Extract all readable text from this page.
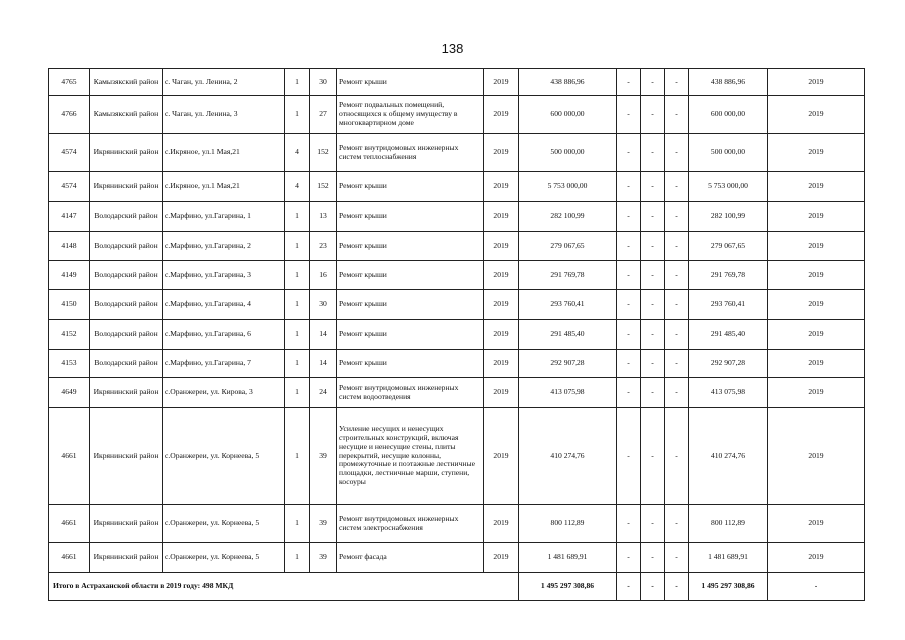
138
4765	Камызякский район	с. Чаган, ул. Ленина, 2	1	30	Ремонт крыши	2019	438 886,96	-	-	-	438 886,96	2019
4766	Камызякский район	с. Чаган, ул. Ленина, 3	1	27	Ремонт подвальных помещений, относящихся к общему имуществу в многоквартирном доме	2019	600 000,00	-	-	-	600 000,00	2019
4574	Икрянинский район	с.Икряное, ул.1 Мая,21	4	152	Ремонт внутридомовых инженерных систем теплоснабжения	2019	500 000,00	-	-	-	500 000,00	2019
4574	Икрянинский район	с.Икряное, ул.1 Мая,21	4	152	Ремонт крыши	2019	5 753 000,00	-	-	-	5 753 000,00	2019
4147	Володарский район	с.Марфино, ул.Гагарина, 1	1	13	Ремонт крыши	2019	282 100,99	-	-	-	282 100,99	2019
4148	Володарский район	с.Марфино, ул.Гагарина, 2	1	23	Ремонт крыши	2019	279 067,65	-	-	-	279 067,65	2019
4149	Володарский район	с.Марфино, ул.Гагарина, 3	1	16	Ремонт крыши	2019	291 769,78	-	-	-	291 769,78	2019
4150	Володарский район	с.Марфино, ул.Гагарина, 4	1	30	Ремонт крыши	2019	293 760,41	-	-	-	293 760,41	2019
4152	Володарский район	с.Марфино, ул.Гагарина, 6	1	14	Ремонт крыши	2019	291 485,40	-	-	-	291 485,40	2019
4153	Володарский район	с.Марфино, ул.Гагарина, 7	1	14	Ремонт крыши	2019	292 907,28	-	-	-	292 907,28	2019
4649	Икрянинский район	с.Оранжереи, ул. Кирова, 3	1	24	Ремонт внутридомовых инженерных систем водоотведения	2019	413 075,98	-	-	-	413 075,98	2019
4661	Икрянинский район	с.Оранжереи, ул. Корнеева, 5	1	39	Усиление несущих и ненесущих строительных конструкций, включая несущие и ненесущие стены, плиты перекрытий, несущие колонны, промежуточные и поэтажные лестничные площадки, лестничные марши, ступени, косоуры	2019	410 274,76	-	-	-	410 274,76	2019
4661	Икрянинский район	с.Оранжереи, ул. Корнеева, 5	1	39	Ремонт внутридомовых инженерных систем электроснабжения	2019	800 112,89	-	-	-	800 112,89	2019
4661	Икрянинский район	с.Оранжереи, ул. Корнеева, 5	1	39	Ремонт фасада	2019	1 481 689,91	-	-	-	1 481 689,91	2019
Итого в Астраханской области в 2019 году: 498 МКД							1 495 297 308,86	-	-	-	1 495 297 308,86	-
